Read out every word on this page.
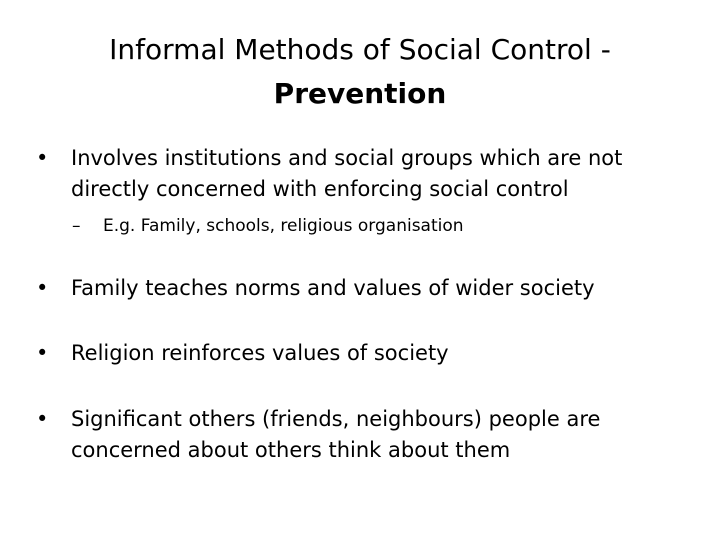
Informal Methods of Social Control -
Prevention
•	Involves institutions and social groups which are not directly concerned with enforcing social control
– E.g. Family, schools, religious organisation
•	Family teaches norms and values of wider society
•	Religion reinforces values of society
•	Significant others (friends, neighbours) people are concerned about others think about them
